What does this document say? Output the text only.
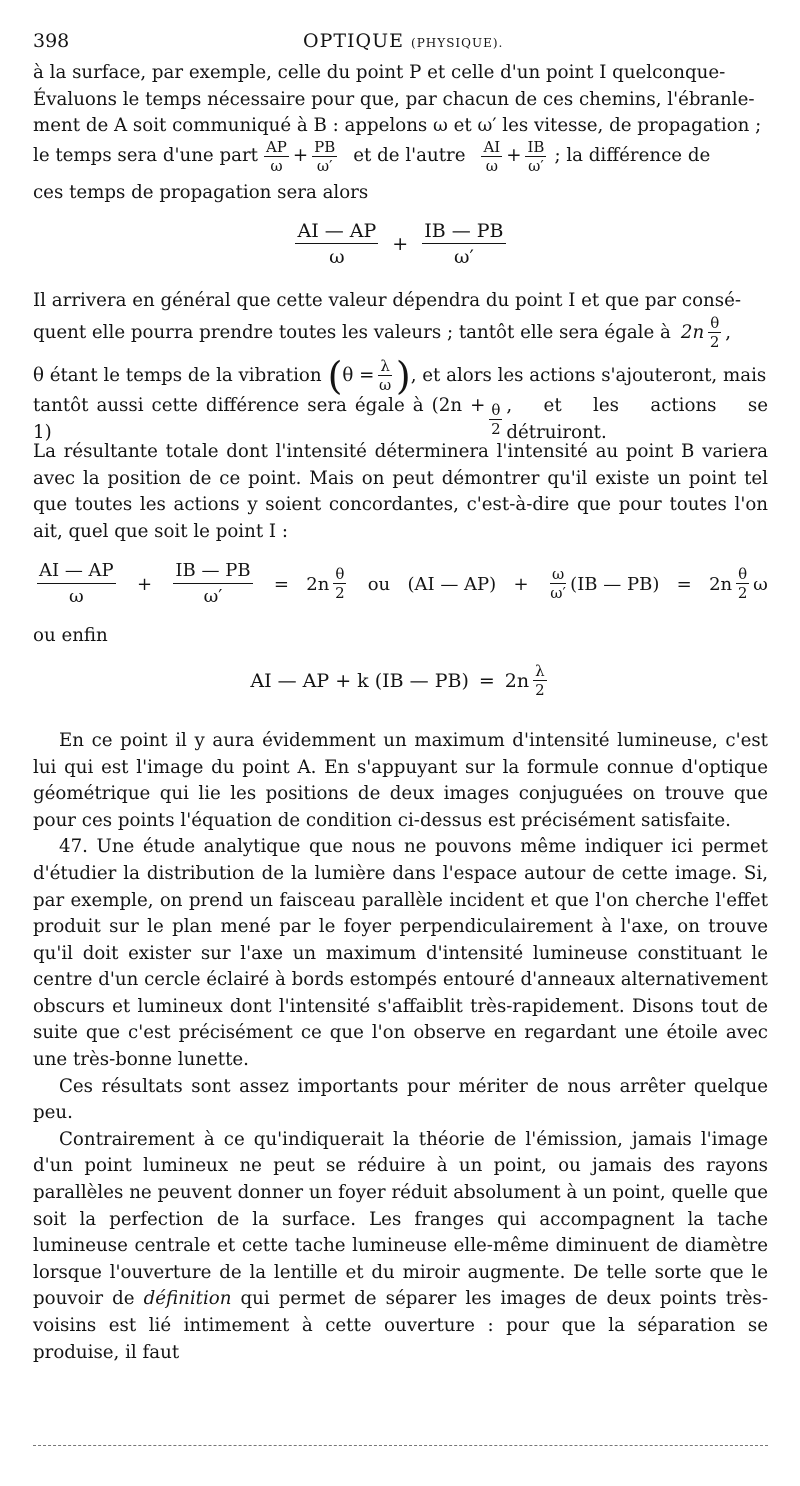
398	OPTIQUE (PHYSIQUE).

à la surface, par exemple, celle du point P et celle d'un point I quelconque-

Évaluons le temps nécessaire pour que, par chacun de ces chemins, l'ébranle-

ment de A soit communiqué à B : appelons ω et ω′ les vitesse, de propagation ;

le temps sera d'une part $\frac{AP}{\omega} + \frac{PB}{\omega'}$ et de l'autre $\frac{AI}{\omega} + \frac{IB}{\omega'}$ ; la différence de

ces temps de propagation sera alors

$\frac{AI — AP}{\omega} + \frac{IB — PB}{\omega'}$

Il arrivera en général que cette valeur dépendra du point I et que par consé-

quent elle pourra prendre toutes les valeurs ; tantôt elle sera égale à $2n \frac{\theta}{2}$ ,

θ étant le temps de la vibration ( $\theta = \frac{\lambda}{\omega}$ ) , et alors les actions s'ajouteront, mais

tantôt aussi cette différence sera égale à (2n + 1)	$\frac{\theta}{2}$ , et les actions se détruiront.

La résultante totale dont l'intensité déterminera l'intensité au point B variera avec la position de ce point. Mais on peut démontrer qu'il existe un point tel que toutes les actions y soient concordantes, c'est-à-dire que pour toutes l'on ait, quel que soit le point I :

$\frac{AI — AP}{\omega} + \frac{IB — PB}{\omega'} = 2n \frac{\theta}{2}$ ou (AI — $AP) + \frac{\omega}{\omega'} (IB$ — $PB) = 2n \frac{\theta}{2}$ ω

ou enfin

AI — AP + k (IB — $PB) = 2n \frac{\lambda}{2}$

En ce point il y aura évidemment un maximum d'intensité lumineuse, c'est lui qui est l'image du point A. En s'appuyant sur la formule connue d'optique géométrique qui lie les positions de deux images conjuguées on trouve que pour ces points l'équation de condition ci-dessus est précisément satisfaite.

47. Une étude analytique que nous ne pouvons même indiquer ici permet d'étudier la distribution de la lumière dans l'espace autour de cette image. Si, par exemple, on prend un faisceau parallèle incident et que l'on cherche l'effet produit sur le plan mené par le foyer perpendiculairement à l'axe, on trouve qu'il doit exister sur l'axe un maximum d'intensité lumineuse constituant le centre d'un cercle éclairé à bords estompés entouré d'anneaux alternativement obscurs et lumineux dont l'intensité s'affaiblit très-rapidement. Disons tout de suite que c'est précisément ce que l'on observe en regardant une étoile avec une très-bonne lunette.

Ces résultats sont assez importants pour mériter de nous arrêter quelque peu.

Contrairement à ce qu'indiquerait la théorie de l'émission, jamais l'image d'un point lumineux ne peut se réduire à un point, ou jamais des rayons parallèles ne peuvent donner un foyer réduit absolument à un point, quelle que soit la perfection de la surface. Les franges qui accompagnent la tache lumineuse centrale et cette tache lumineuse elle-même diminuent de diamètre lorsque l'ouverture de la lentille et du miroir augmente. De telle sorte que le pouvoir de définition qui permet de séparer les images de deux points très-voisins est lié intimement à cette ouverture : pour que la séparation se produise, il faut
